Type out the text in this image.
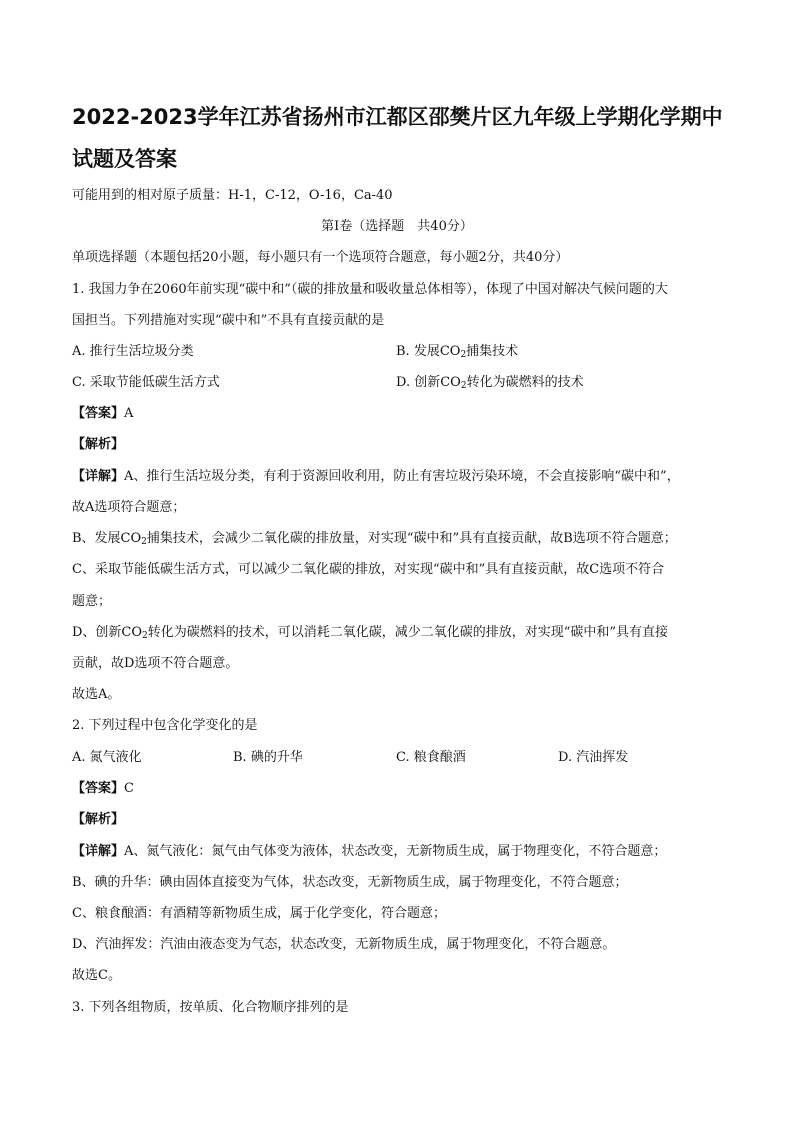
2022-2023学年江苏省扬州市江都区邵樊片区九年级上学期化学期中
试题及答案
可能用到的相对原子质量：H-1，C-12，O-16，Ca-40
第Ⅰ卷（选择题　共40分）
单项选择题（本题包括20小题，每小题只有一个选项符合题意，每小题2分，共40分）
1. 我国力争在2060年前实现“碳中和”（碳的排放量和吸收量总体相等），体现了中国对解决气候问题的大
国担当。下列措施对实现“碳中和”不具有直接贡献的是
A. 推行生活垃圾分类	B. 发展$CO_2$捕集技术
C. 采取节能低碳生活方式	D. 创新$CO_2$转化为碳燃料的技术
【答案】A
【解析】
【详解】A、推行生活垃圾分类，有利于资源回收利用，防止有害垃圾污染环境，不会直接影响“碳中和”，
故A选项符合题意；
B、发展$CO_2$捕集技术，会减少二氧化碳的排放量，对实现“碳中和”具有直接贡献，故B选项不符合题意；
C、采取节能低碳生活方式，可以减少二氧化碳的排放，对实现“碳中和”具有直接贡献，故C选项不符合
题意；
D、创新$CO_2$转化为碳燃料的技术，可以消耗二氧化碳，减少二氧化碳的排放，对实现“碳中和”具有直接
贡献，故D选项不符合题意。
故选A。
2. 下列过程中包含化学变化的是
A. 氮气液化	B. 碘的升华	C. 粮食酿酒	D. 汽油挥发
【答案】C
【解析】
【详解】A、氮气液化：氮气由气体变为液体，状态改变，无新物质生成，属于物理变化，不符合题意；
B、碘的升华：碘由固体直接变为气体，状态改变，无新物质生成，属于物理变化，不符合题意；
C、粮食酿酒：有酒精等新物质生成，属于化学变化，符合题意；
D、汽油挥发：汽油由液态变为气态，状态改变，无新物质生成，属于物理变化，不符合题意。
故选C。
3. 下列各组物质，按单质、化合物顺序排列的是
